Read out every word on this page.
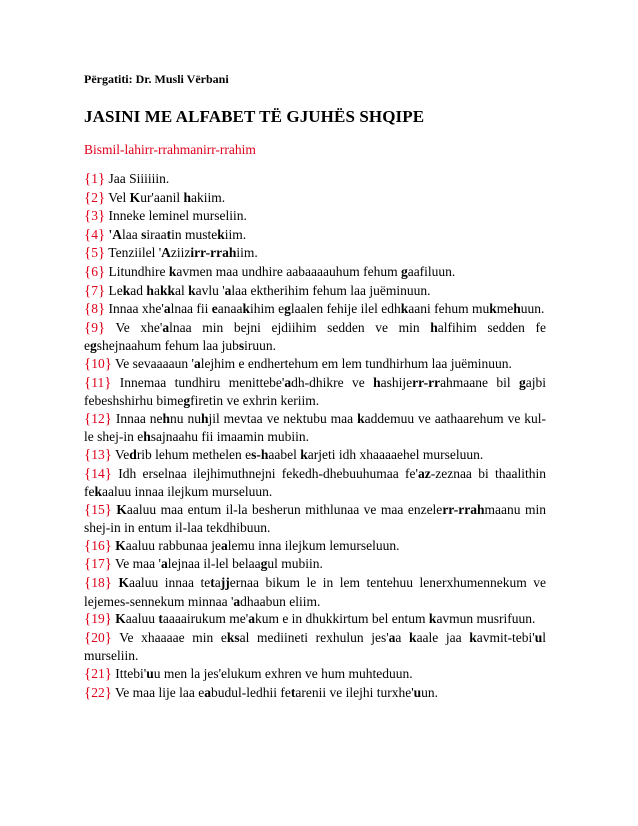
Përgatiti: Dr. Musli Vërbani
JASINI ME ALFABET TË GJUHËS SHQIPE
Bismil-lahirr-rrahmanirr-rrahim

{1} Jaa Siiiiiin.

{2} Vel Kur'aanil hakiim.

{3} Inneke leminel murseliin.

{4} 'Alaa siraatin mustekiim.

{5} Tenziilel 'Aziizirr-rrahiim.

{6} Litundhire kavmen maa undhire aabaaaauhum fehum gaafiluun.

{7} Lekad hakkal kavlu 'alaa ektherihim fehum laa juëminuun.

{8} Innaa xhe'alnaa fii eanaakihim eglaalen fehije ilel edhkaani fehum mukmehuun.

{9} Ve xhe'alnaa min bejni ejdiihim sedden ve min halfihim sedden fe egshejnaahum fehum laa jubsiruun.

{10} Ve sevaaaaun 'alejhim e endhertehum em lem tundhirhum laa juëminuun.

{11} Innemaa tundhiru menittebe'adh-dhikre ve hashijerr-rrahmaane bil gajbi febeshshirhu bimegfiretin ve exhrin keriim.

{12} Innaa nehnu nuhjil mevtaa ve nektubu maa kaddemuu ve aathaarehum ve kul-le shej-in ehsajnaahu fii imaamin mubiin.

{13} Vedrib lehum methelen es-haabel karjeti idh xhaaaaehel murseluun.

{14} Idh erselnaa ilejhimuthnejni fekedh-dhebuuhumaa fe'az-zeznaa bi thaalithin fekaaluu innaa ilejkum murseluun.

{15} Kaaluu maa entum il-la besherun mithlunaa ve maa enzelerr-rrahmaanu min shej-in in entum il-laa tekdhibuun.

{16} Kaaluu rabbunaa jealemu inna ilejkum lemurseluun.

{17} Ve maa 'alejnaa il-lel belaagul mubiin.

{18} Kaaluu innaa tetajjernaa bikum le in lem tentehuu lenerxhumennekum ve lejemes-sennekum minnaa 'adhaabun eliim.

{19} Kaaluu taaaairukum me'akum e in dhukkirtum bel entum kavmun musrifuun.

{20} Ve xhaaaae min eksal mediineti rexhulun jes'aa kaale jaa kavmit-tebi'ul murseliin.

{21} Ittebi'uu men la jes'elukum exhren ve hum muhteduun.

{22} Ve maa lije laa eabudul-ledhii fetarenii ve ilejhi turxhe'uun.
